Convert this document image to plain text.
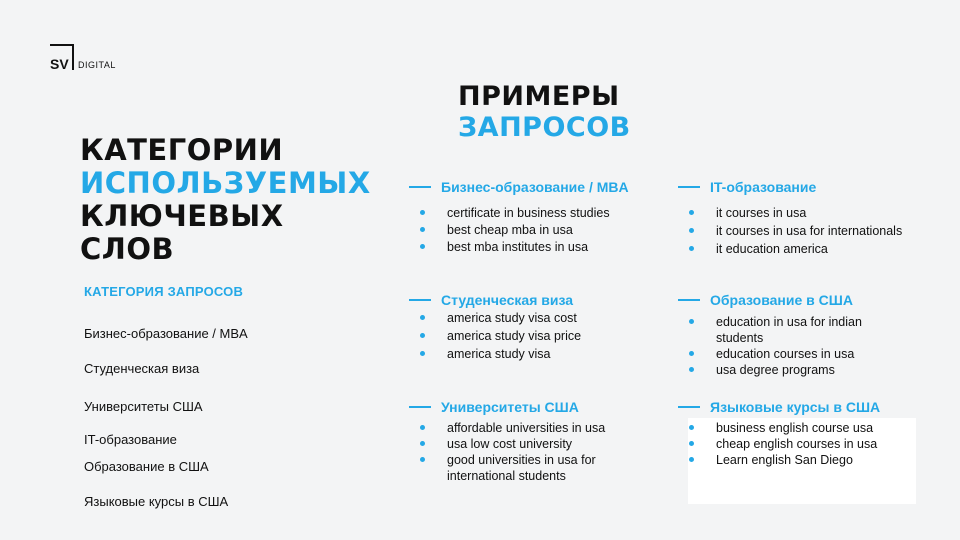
SV DIGITAL
КАТЕГОРИИ
ИСПОЛЬЗУЕМЫХ
КЛЮЧЕВЫХ
СЛОВ
ПРИМЕРЫ
ЗАПРОСОВ
КАТЕГОРИЯ ЗАПРОСОВ
Бизнес-образование / MBA
Студенческая виза
Университеты США
IT-образование
Образование в США
Языковые курсы в США
Бизнес-образование / MBA
certificate in business studies
best cheap mba in usa
best mba institutes in usa
IT-образование
it courses in usa
it courses in usa for internationals
it education america
Студенческая виза
america study visa cost
america study visa price
america study visa
Образование в США
education in usa for indian students
education courses in usa
usa degree programs
Университеты США
affordable universities in usa
usa low cost university
good universities in usa for international students
Языковые курсы в США
business english course usa
cheap english courses in usa
Learn english San Diego
